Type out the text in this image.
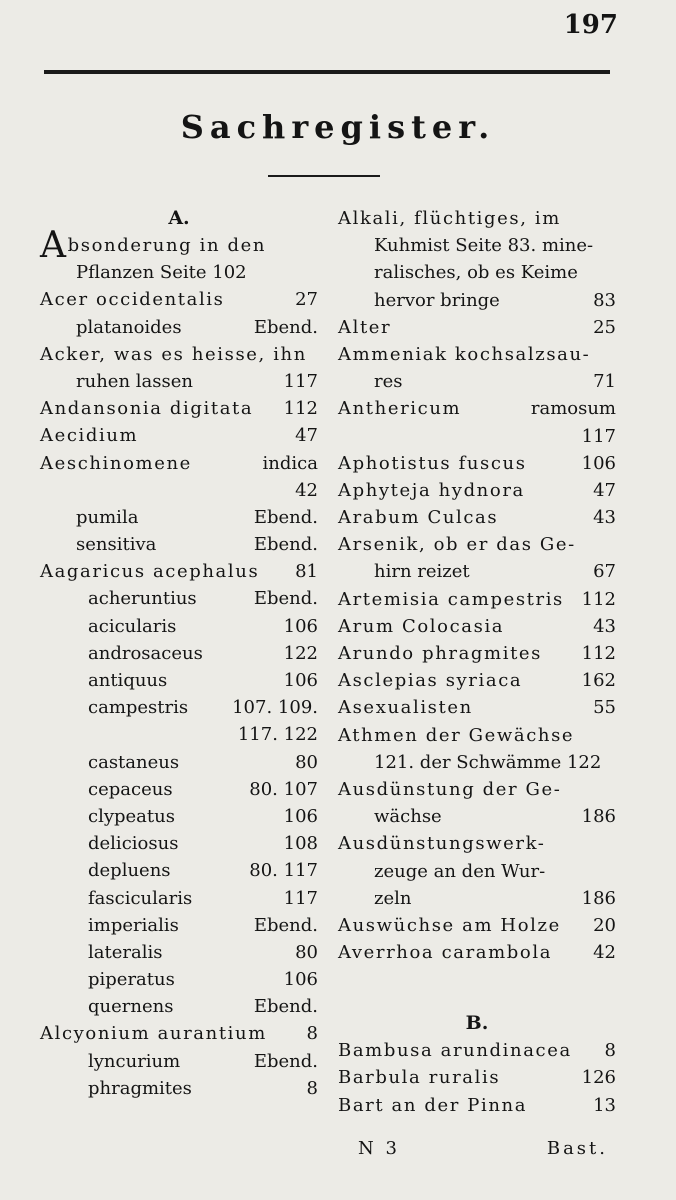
197
Sachregister.
A.
Absonderung in den
Pflanzen Seite 102
Acer occidentalis	27
platanoides	Ebend.
Acker, was es heisse, ihn
ruhen lassen	117
Andansonia digitata 112
Aecidium	47
Aeschinomene	indica
42
pumila	Ebend.
sensitiva	Ebend.
Aagaricus acephalus 81
acheruntius	Ebend.
acicularis	106
androsaceus	122
antiquus	106
campestris 107. 109.
117. 122
castaneus	80
cepaceus	80. 107
clypeatus	106
deliciosus	108
depluens	80. 117
fascicularis	117
imperialis	Ebend.
lateralis	80
piperatus	106
quernens	Ebend.
Alcyonium aurantium 8
lyncurium	Ebend.
phragmites	8
Alkali, flüchtiges, im
Kuhmist Seite 83. mine-
ralisches, ob es Keime
hervor bringe	83
Alter	25
Ammeniak kochsalzsau-
res	71
Anthericum	ramosum
117
Aphotistus fuscus	106
Aphyteja hydnora	47
Arabum Culcas	43
Arsenik, ob er das Ge-
hirn reizet	67
Artemisia campestris 112
Arum Colocasia	43
Arundo phragmites 112
Asclepias syriaca	162
Asexualisten	55
Athmen der Gewächse
121. der Schwämme 122
Ausdünstung der Ge-
wächse	186
Ausdünstungswerk-
zeuge an den Wur-
zeln	186
Auswüchse am Holze 20
Averrhoa carambola 42
B.
Bambusa arundinacea 8
Barbula ruralis	126
Bart an der Pinna	13
N 3	Bast.
